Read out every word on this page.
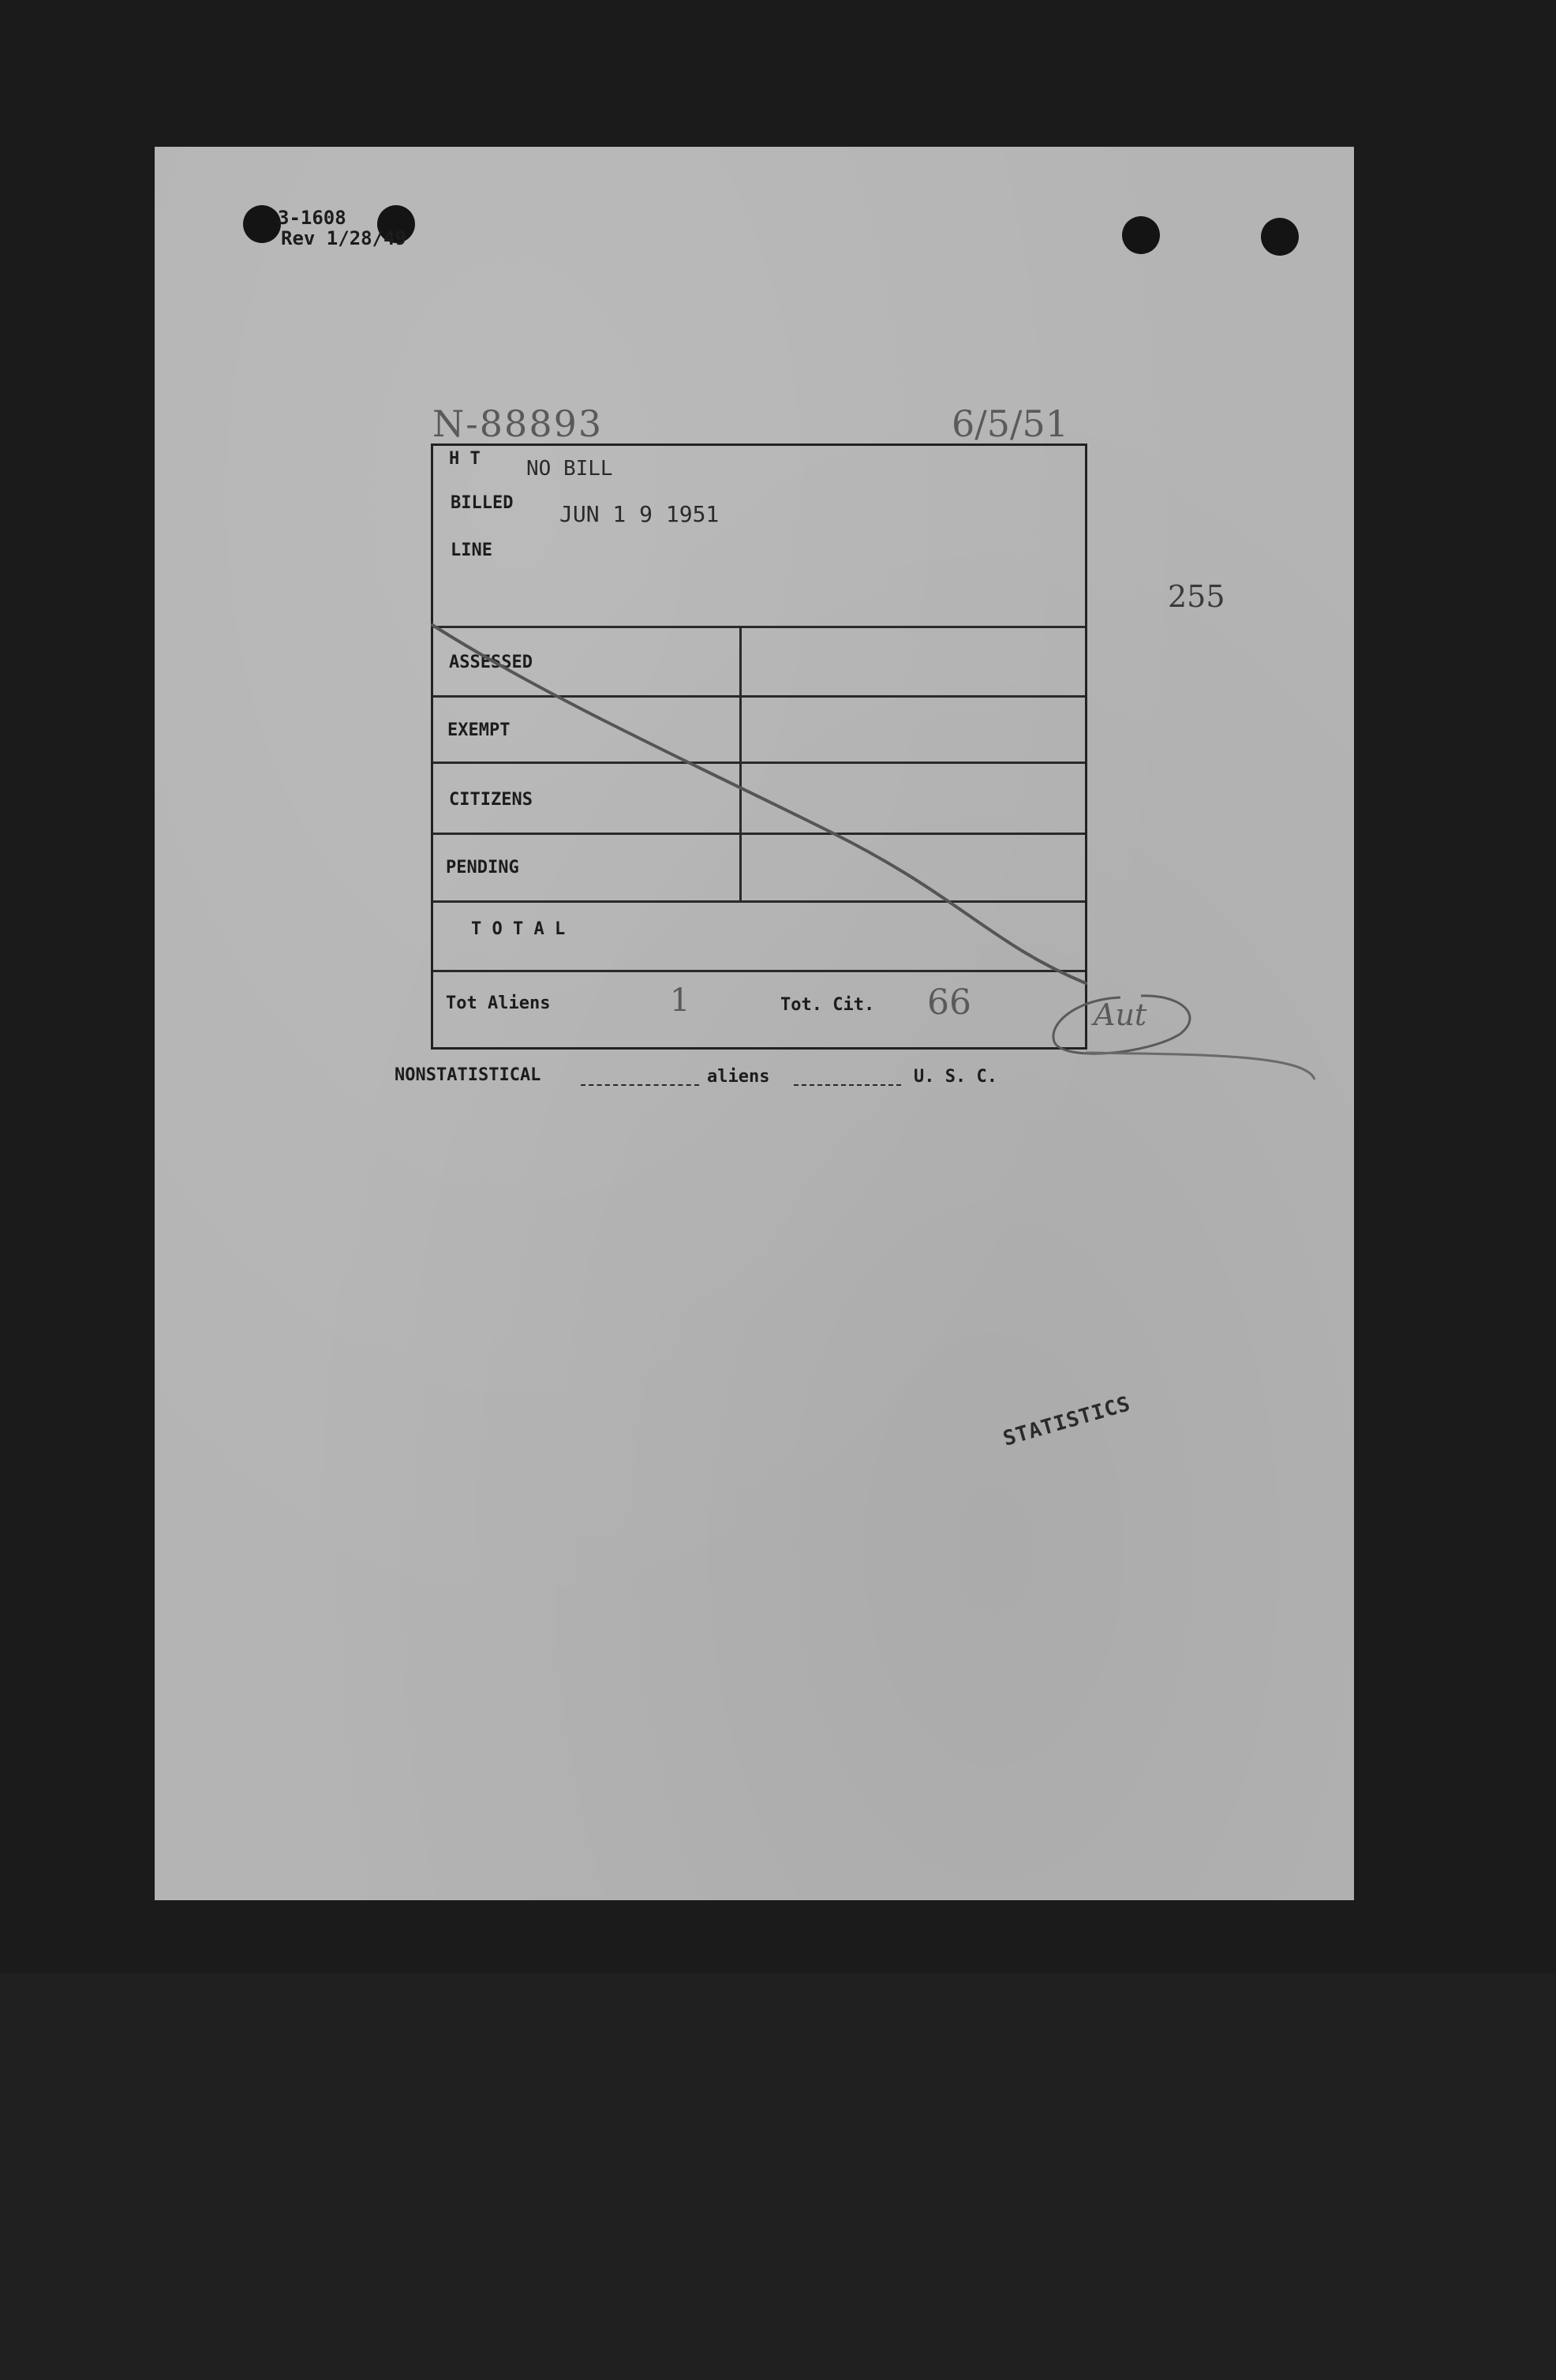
3-1608
Rev 1/28/49
N-88893	6/5/51
255
H T NO BILL
BILLED JUN 1 9 1951
LINE
ASSESSED
EXEMPT
CITIZENS
PENDING
T O T A L
Tot Aliens	1	Tot. Cit. 66	Aut
NONSTATISTICAL	aliens	U. S. C.
STATISTICS
